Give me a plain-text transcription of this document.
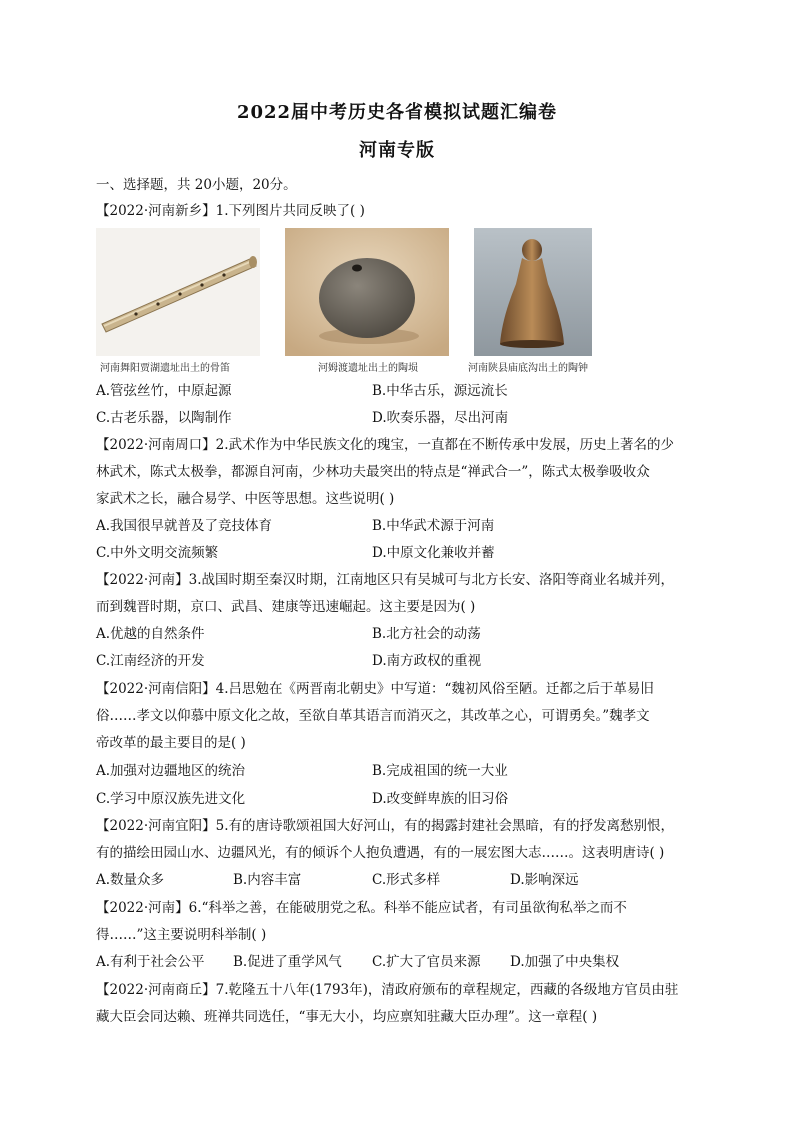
2022届中考历史各省模拟试题汇编卷
河南专版
一、选择题，共 20小题，20分。
【2022·河南新乡】1.下列图片共同反映了( )
河南舞阳贾湖遗址出土的骨笛	河姆渡遗址出土的陶埙	河南陕县庙底沟出土的陶钟
A.管弦丝竹，中原起源	B.中华古乐，源远流长
C.古老乐器，以陶制作	D.吹奏乐器，尽出河南
【2022·河南周口】2.武术作为中华民族文化的瑰宝，一直都在不断传承中发展，历史上著名的少
林武术，陈式太极拳，都源自河南，少林功夫最突出的特点是“禅武合一”，陈式太极拳吸收众
家武术之长，融合易学、中医等思想。这些说明( )
A.我国很早就普及了竞技体育	B.中华武术源于河南
C.中外文明交流频繁	D.中原文化兼收并蓄
【2022·河南】3.战国时期至秦汉时期，江南地区只有吴城可与北方长安、洛阳等商业名城并列，
而到魏晋时期，京口、武昌、建康等迅速崛起。这主要是因为( )
A.优越的自然条件	B.北方社会的动荡
C.江南经济的开发	D.南方政权的重视
【2022·河南信阳】4.吕思勉在《两晋南北朝史》中写道：“魏初风俗至陋。迁都之后于革易旧
俗……孝文以仰慕中原文化之故，至欲自革其语言而消灭之，其改革之心，可谓勇矣。”魏孝文
帝改革的最主要目的是( )
A.加强对边疆地区的统治	B.完成祖国的统一大业
C.学习中原汉族先进文化	D.改变鲜卑族的旧习俗
【2022·河南宜阳】5.有的唐诗歌颂祖国大好河山，有的揭露封建社会黑暗，有的抒发离愁别恨，
有的描绘田园山水、边疆风光，有的倾诉个人抱负遭遇，有的一展宏图大志……。这表明唐诗( )
A.数量众多	B.内容丰富	C.形式多样	D.影响深远
【2022·河南】6.“科举之善，在能破朋党之私。科举不能应试者，有司虽欲徇私举之而不
得……”这主要说明科举制( )
A.有利于社会公平 B.促进了重学风气 C.扩大了官员来源 D.加强了中央集权
【2022·河南商丘】7.乾隆五十八年(1793年)，清政府颁布的章程规定，西藏的各级地方官员由驻
藏大臣会同达赖、班禅共同选任，“事无大小，均应禀知驻藏大臣办理”。这一章程( )
